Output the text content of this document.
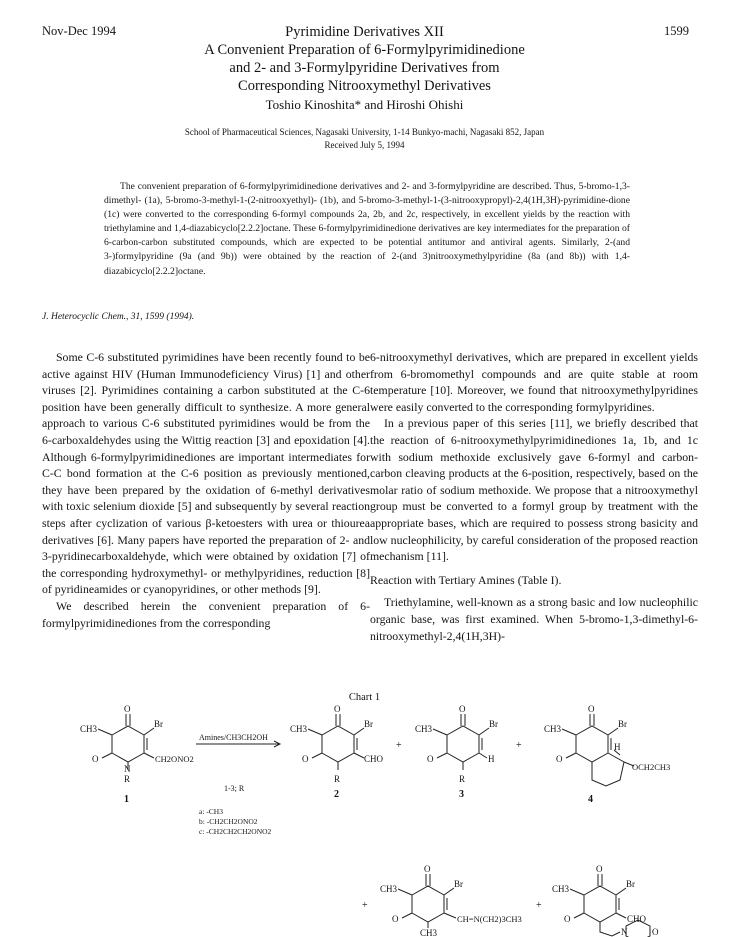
Nov-Dec 1994	1599
Pyrimidine Derivatives XII
A Convenient Preparation of 6-Formylpyrimidinedione
and 2- and 3-Formylpyridine Derivatives from
Corresponding Nitrooxymethyl Derivatives
Toshio Kinoshita* and Hiroshi Ohishi
School of Pharmaceutical Sciences, Nagasaki University, 1-14 Bunkyo-machi, Nagasaki 852, Japan
Received July 5, 1994

The convenient preparation of 6-formylpyrimidinedione derivatives and 2- and 3-formylpyridine are described. Thus, 5-bromo-1,3-dimethyl- (1a), 5-bromo-3-methyl-1-(2-nitrooxyethyl)- (1b), and 5-bromo-3-methyl-1-(3-nitrooxypropyl)-2,4(1H,3H)-pyrimidine-dione (1c) were converted to the corresponding 6-formyl compounds 2a, 2b, and 2c, respectively, in excellent yields by the reaction with triethylamine and 1,4-diazabicyclo[2.2.2]octane. These 6-formylpyrimidinedione derivatives are key intermediates for the preparation of 6-carbon-carbon substituted compounds, which are expected to be potential antitumor and antiviral agents. Similarly, 2-(and 3-)formylpyridine (9a (and 9b)) were obtained by the reaction of 2-(and 3)nitrooxymethylpyridine (8a (and 8b)) with 1,4-diazabicyclo[2.2.2]octane.

J. Heterocyclic Chem., 31, 1599 (1994).

Some C-6 substituted pyrimidines have been recently found to be active against HIV (Human Immunodeficiency Virus) [1] and other viruses [2]. Pyrimidines containing a carbon substituted at the C-6 position have been generally difficult to synthesize. A more general approach to various C-6 substituted pyrimidines would be from the 6-carboxaldehydes using the Wittig reaction [3] and epoxidation [4]. Although 6-formylpyrimidinediones are important intermediates for C-C bond formation at the C-6 position as previously mentioned, they have been prepared by the oxidation of 6-methyl derivatives with toxic selenium dioxide [5] and subsequently by several reaction steps after cyclization of various β-ketoesters with urea or thiourea derivatives [6]. Many papers have reported the preparation of 2- and 3-pyridinecarboxaldehyde, which were obtained by oxidation [7] of the corresponding hydroxymethyl- or methylpyridines, reduction [8] of pyridineamides or cyanopyridines, or other methods [9].

We described herein the convenient preparation of 6-formylpyrimidinediones from the corresponding

6-nitrooxymethyl derivatives, which are prepared in excellent yields from 6-bromomethyl compounds and are quite stable at room temperature [10]. Moreover, we found that nitrooxymethylpyridines were easily converted to the corresponding formylpyridines.

In a previous paper of this series [11], we briefly described that the reaction of 6-nitrooxymethylpyrimidinediones 1a, 1b, and 1c with sodium methoxide exclusively gave 6-formyl and carbon-carbon cleaving products at the 6-position, respectively, based on the molar ratio of sodium methoxide. We propose that a nitrooxymethyl group must be converted to a formyl group by treatment with the appropriate bases, which are required to possess strong basicity and low nucleophilicity, by careful consideration of the proposed reaction mechanism [11].

Reaction with Tertiary Amines (Table I).

Triethylamine, well-known as a strong basic and low nucleophilic organic base, was first examined. When 5-bromo-1,3-dimethyl-6-nitrooxymethyl-2,4(1H,3H)-

Chart 1
O
CH3	Br
O	CH2ONO2
N
R
1
Amines/CH3CH2OH
1-3; R
a: -CH3
b: -CH2CH2ONO2
c: -CH2CH2CH2ONO2
O
CH3	Br
O	CHO
R
2
+
O
CH3	Br
O	H
R
3
+
O
CH3	Br
O
H
OCH2CH3
4
+
O
CH3	Br
O	CH=N(CH2)3CH3
CH3
+
O
CH3	Br
O	CHO
N	O
